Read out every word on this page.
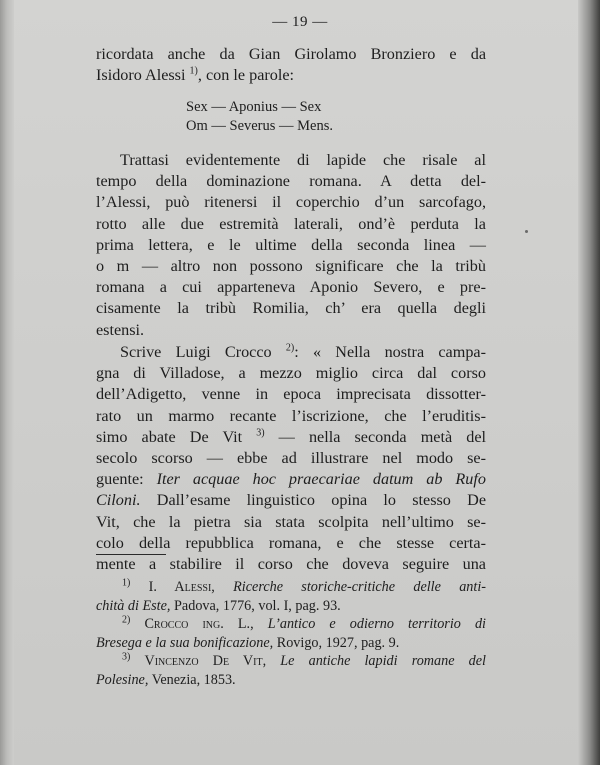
— 19 —
ricordata anche da Gian Girolamo Bronziero e da
Isidoro Alessi $^{1)}$, con le parole:
Sex — Aponius — Sex
Om — Severus — Mens.
Trattasi evidentemente di lapide che risale al
tempo della dominazione romana. A detta del-
l’Alessi, può ritenersi il coperchio d’un sarcofago,
rotto alle due estremità laterali, ond’è perduta la
prima lettera, e le ultime della seconda linea —
o m — altro non possono significare che la tribù
romana a cui apparteneva Aponio Severo, e pre-
cisamente la tribù Romilia, ch’ era quella degli
estensi.
Scrive Luigi Crocco $^{2)}$: « Nella nostra campa-
gna di Villadose, a mezzo miglio circa dal corso
dell’Adigetto, venne in epoca imprecisata dissotter-
rato un marmo recante l’iscrizione, che l’eruditis-
simo abate De Vit $^{3)}$ — nella seconda metà del
secolo scorso — ebbe ad illustrare nel modo se-
guente: Iter acquae hoc praecariae datum ab Rufo
Ciloni. Dall’esame linguistico opina lo stesso De
Vit, che la pietra sia stata scolpita nell’ultimo se-
colo della repubblica romana, e che stesse certa-
mente a stabilire il corso che doveva seguire una
$^{1)}$ I. Alessi, Ricerche storiche-critiche delle anti-
chità di Este, Padova, 1776, vol. I, pag. 93.
$^{2)}$ Crocco ing. L., L’antico e odierno territorio di
Bresega e la sua bonificazione, Rovigo, 1927, pag. 9.
$^{3)}$ Vincenzo De Vit, Le antiche lapidi romane del
Polesine, Venezia, 1853.
